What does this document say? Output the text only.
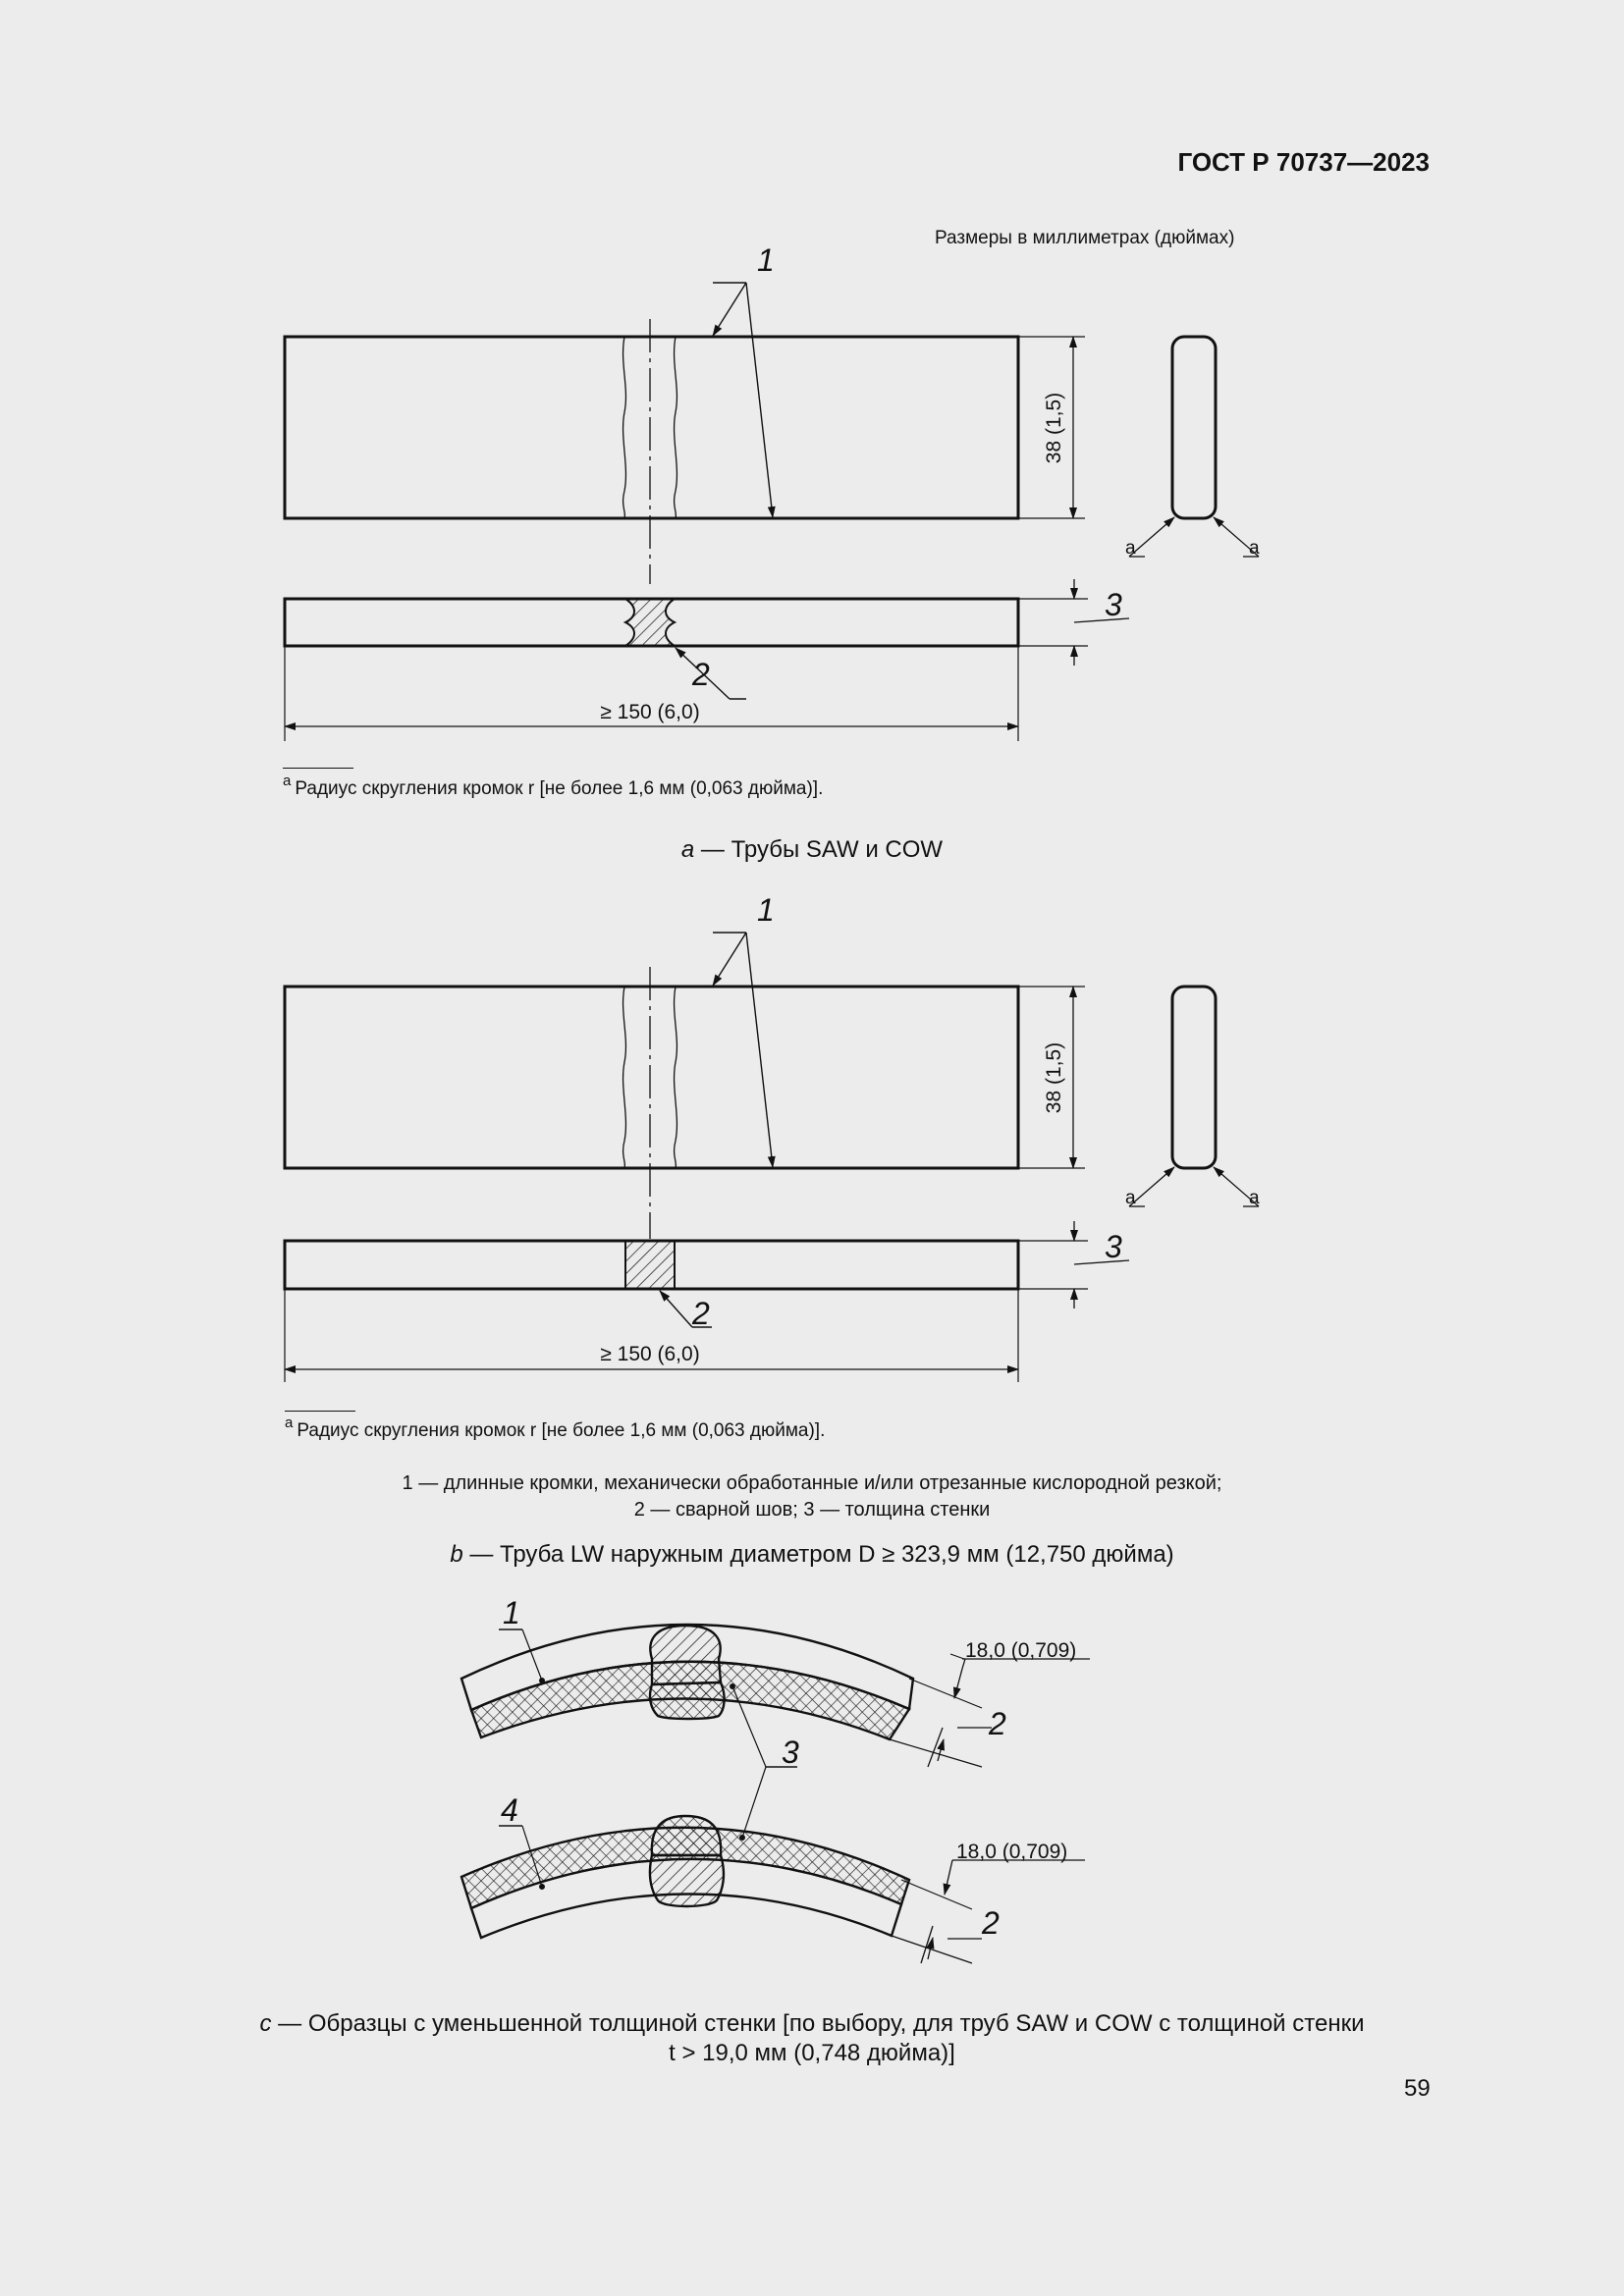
ГОСТ Р 70737—2023
Размеры в миллиметрах (дюймах)
1
2
3
38 (1,5)
≥ 150 (6,0)
a	a
1
2
3
38 (1,5)
≥ 150 (6,0)
a	a
1
2
3
4
2
18,0 (0,709)
18,0 (0,709)
$^a$ Радиус скругления кромок r [не более 1,6 мм (0,063 дюйма)].
a — Трубы SAW и COW
$^a$ Радиус скругления кромок r [не более 1,6 мм (0,063 дюйма)].
1 — длинные кромки, механически обработанные и/или отрезанные кислородной резкой;
2 — сварной шов; 3 — толщина стенки
b — Труба LW наружным диаметром D ≥ 323,9 мм (12,750 дюйма)
c — Образцы с уменьшенной толщиной стенки [по выбору, для труб SAW и COW с толщиной стенки
t > 19,0 мм (0,748 дюйма)]
59
